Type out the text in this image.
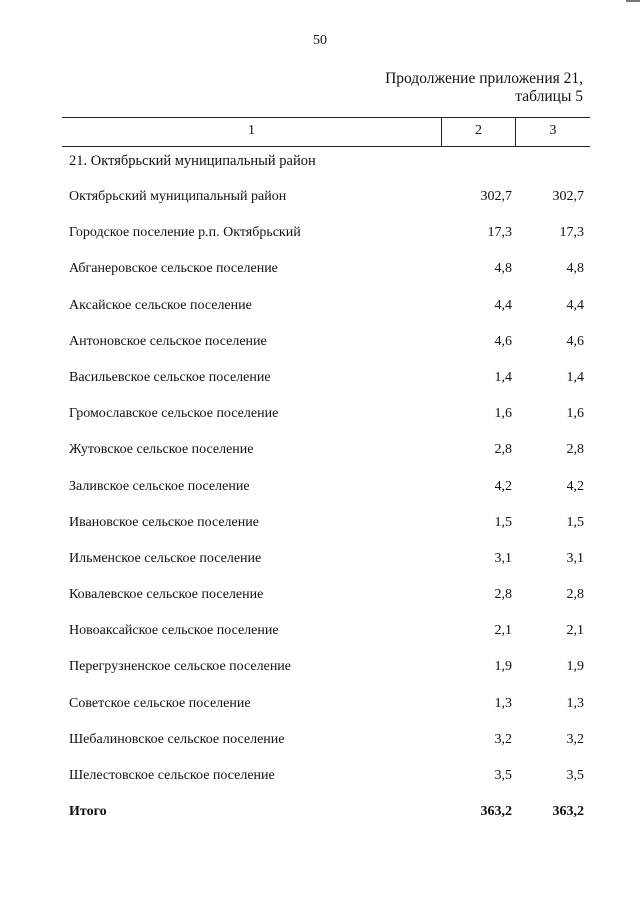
50
Продолжение приложения 21,
таблицы 5
1	2	3
21. Октябрьский муниципальный район
Октябрьский муниципальный район	302,7	302,7
Городское поселение р.п. Октябрьский	17,3	17,3
Абганеровское сельское поселение	4,8	4,8
Аксайское сельское поселение	4,4	4,4
Антоновское сельское поселение	4,6	4,6
Васильевское сельское поселение	1,4	1,4
Громославское сельское поселение	1,6	1,6
Жутовское сельское поселение	2,8	2,8
Заливское сельское поселение	4,2	4,2
Ивановское сельское поселение	1,5	1,5
Ильменское сельское поселение	3,1	3,1
Ковалевское сельское поселение	2,8	2,8
Новоаксайское сельское поселение	2,1	2,1
Перегрузненское сельское поселение	1,9	1,9
Советское сельское поселение	1,3	1,3
Шебалиновское сельское поселение	3,2	3,2
Шелестовское сельское поселение	3,5	3,5
Итого	363,2	363,2
